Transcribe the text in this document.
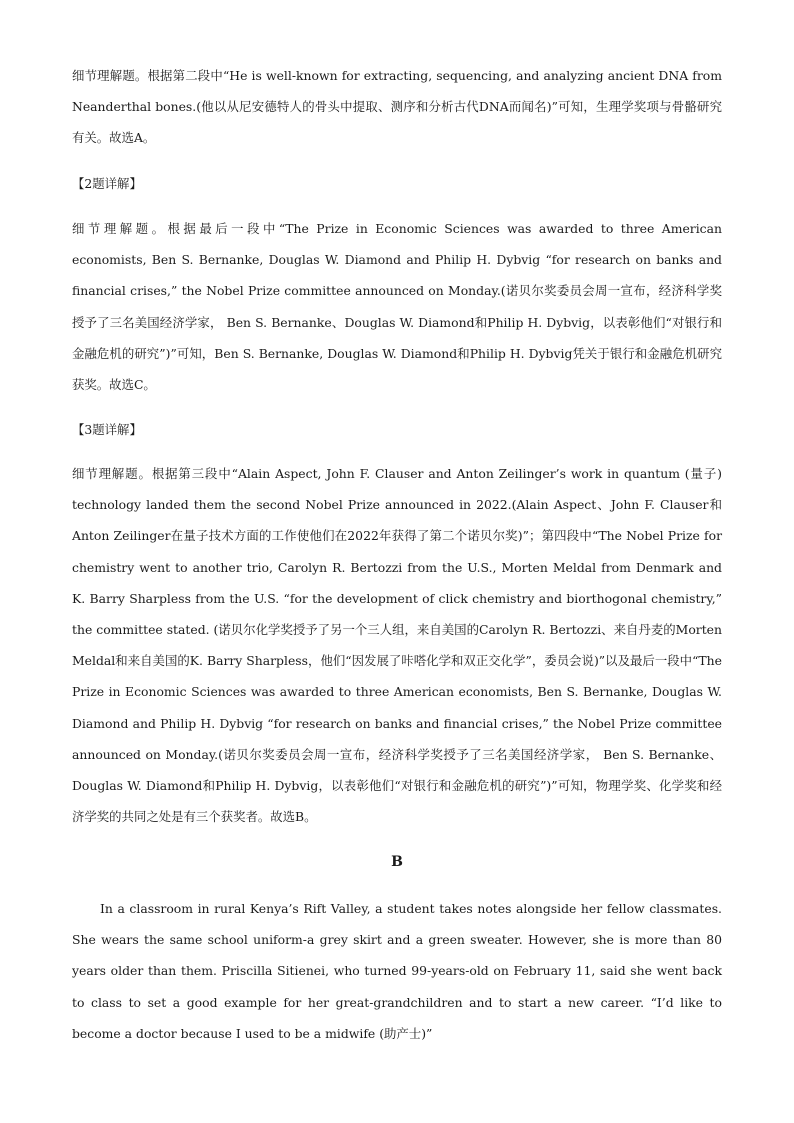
细节理解题。根据第二段中“He is well-known for extracting, sequencing, and analyzing ancient DNA from Neanderthal bones.(他以从尼安德特人的骨头中提取、测序和分析古代DNA而闻名)”可知，生理学奖项与骨骼研究有关。故选A。
【2题详解】
细节理解题。根据最后一段中“The Prize in Economic Sciences was awarded to three American economists, Ben S. Bernanke, Douglas W. Diamond and Philip H. Dybvig “for research on banks and financial crises,” the Nobel Prize committee announced on Monday.(诺贝尔奖委员会周一宣布，经济科学奖授予了三名美国经济学家， Ben S. Bernanke、Douglas W. Diamond和Philip H. Dybvig，以表彰他们“对银行和金融危机的研究”)”可知，Ben S. Bernanke, Douglas W. Diamond和Philip H. Dybvig凭关于银行和金融危机研究获奖。故选C。
【3题详解】
细节理解题。根据第三段中“Alain Aspect, John F. Clauser and Anton Zeilinger’s work in quantum (量子) technology landed them the second Nobel Prize announced in 2022.(Alain Aspect、John F. Clauser和Anton Zeilinger在量子技术方面的工作使他们在2022年获得了第二个诺贝尔奖)”；第四段中“The Nobel Prize for chemistry went to another trio, Carolyn R. Bertozzi from the U.S., Morten Meldal from Denmark and K. Barry Sharpless from the U.S. “for the development of click chemistry and biorthogonal chemistry,” the committee stated. (诺贝尔化学奖授予了另一个三人组，来自美国的Carolyn R. Bertozzi、来自丹麦的Morten Meldal和来自美国的K. Barry Sharpless，他们“因发展了咔嗒化学和双正交化学”，委员会说)”以及最后一段中“The Prize in Economic Sciences was awarded to three American economists, Ben S. Bernanke, Douglas W. Diamond and Philip H. Dybvig “for research on banks and financial crises,” the Nobel Prize committee announced on Monday.(诺贝尔奖委员会周一宣布，经济科学奖授予了三名美国经济学家， Ben S. Bernanke、Douglas W. Diamond和Philip H. Dybvig，以表彰他们“对银行和金融危机的研究”)”可知，物理学奖、化学奖和经济学奖的共同之处是有三个获奖者。故选B。
B
In a classroom in rural Kenya’s Rift Valley, a student takes notes alongside her fellow classmates. She wears the same school uniform-a grey skirt and a green sweater. However, she is more than 80 years older than them. Priscilla Sitienei, who turned 99-years-old on February 11, said she went back to class to set a good example for her great-grandchildren and to start a new career. “I’d like to become a doctor because I used to be a midwife (助产士)”
